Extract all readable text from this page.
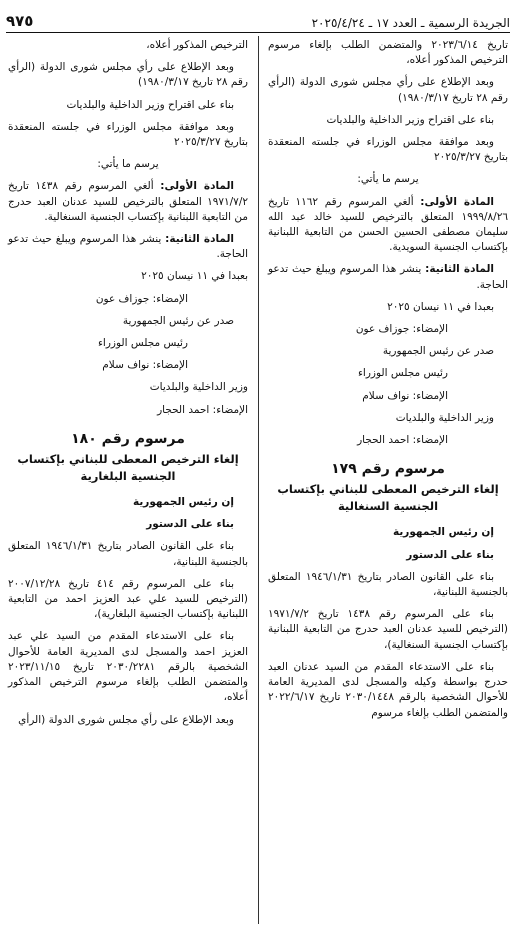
الجريدة الرسمية ـ العدد ١٧ ـ ٢٠٢٥/٤/٢٤
٩٧٥

تاريخ ٢٠٢٣/٦/١٤ والمتضمن الطلب بإلغاء مرسوم الترخيص المذكور أعلاه،

وبعد الإطلاع على رأي مجلس شورى الدولة (الرأي رقم ٢٨ تاريخ ١٩٨٠/٣/١٧)

بناء على اقتراح وزير الداخلية والبلديات

وبعد موافقة مجلس الوزراء في جلسته المنعقدة بتاريخ ٢٠٢٥/٣/٢٧

يرسم ما يأتي:

المادة الأولى: ألغي المرسوم رقم ١١٦٢ تاريخ ١٩٩٩/٨/٢٦ المتعلق بالترخيص للسيد خالد عبد الله سليمان مصطفى الحسين الحسن من التابعية اللبنانية بإكتساب الجنسية السويدية.

المادة الثانية: ينشر هذا المرسوم ويبلغ حيث تدعو الحاجة.

بعبدا في ١١ نيسان ٢٠٢٥

الإمضاء: جوزاف عون

صدر عن رئيس الجمهورية

رئيس مجلس الوزراء

الإمضاء: نواف سلام

وزير الداخلية والبلديات

الإمضاء: احمد الحجار

مرسوم رقم ١٧٩
إلغاء الترخيص المعطى للبناني بإكتساب الجنسية السنغالية

إن رئيس الجمهورية

بناء على الدستور

بناء على القانون الصادر بتاريخ ١٩٤٦/١/٣١ المتعلق بالجنسية اللبنانية،

بناء على المرسوم رقم ١٤٣٨ تاريخ ١٩٧١/٧/٢ (الترخيص للسيد عدنان العبد حدرج من التابعية اللبنانية بإكتساب الجنسية السنغالية)،

بناء على الاستدعاء المقدم من السيد عدنان العبد حدرج بواسطة وكيله والمسجل لدى المديرية العامة للأحوال الشخصية بالرقم ٢٠٣٠/١٤٤٨ تاريخ ٢٠٢٢/٦/١٧ والمتضمن الطلب بإلغاء مرسوم

الترخيص المذكور أعلاه،

وبعد الإطلاع على رأي مجلس شورى الدولة (الرأي رقم ٢٨ تاريخ ١٩٨٠/٣/١٧)

بناء على اقتراح وزير الداخلية والبلديات

وبعد موافقة مجلس الوزراء في جلسته المنعقدة بتاريخ ٢٠٢٥/٣/٢٧

يرسم ما يأتي:

المادة الأولى: ألغي المرسوم رقم ١٤٣٨ تاريخ ١٩٧١/٧/٢ المتعلق بالترخيص للسيد عدنان العبد حدرج من التابعية اللبنانية بإكتساب الجنسية السنغالية.

المادة الثانية: ينشر هذا المرسوم ويبلغ حيث تدعو الحاجة.

بعبدا في ١١ نيسان ٢٠٢٥

الإمضاء: جوزاف عون

صدر عن رئيس الجمهورية

رئيس مجلس الوزراء

الإمضاء: نواف سلام

وزير الداخلية والبلديات

الإمضاء: احمد الحجار

مرسوم رقم ١٨٠
إلغاء الترخيص المعطى للبناني بإكتساب الجنسية البلغارية

إن رئيس الجمهورية

بناء على الدستور

بناء على القانون الصادر بتاريخ ١٩٤٦/١/٣١ المتعلق بالجنسية اللبنانية،

بناء على المرسوم رقم ٤١٤ تاريخ ٢٠٠٧/١٢/٢٨ (الترخيص للسيد علي عبد العزيز احمد من التابعية اللبنانية بإكتساب الجنسية البلغارية)،

بناء على الاستدعاء المقدم من السيد علي عبد العزيز احمد والمسجل لدى المديرية العامة للأحوال الشخصية بالرقم ٢٠٣٠/٢٢٨١ تاريخ ٢٠٢٣/١١/١٥ والمتضمن الطلب بإلغاء مرسوم الترخيص المذكور أعلاه،

وبعد الإطلاع على رأي مجلس شورى الدولة (الرأي
